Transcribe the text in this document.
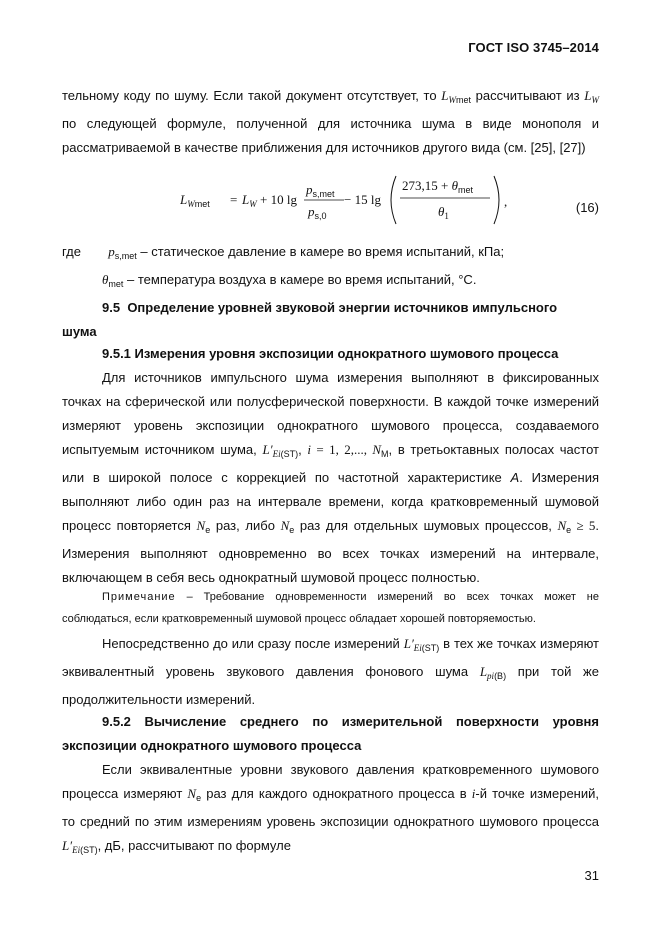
ГОСТ ISO 3745–2014

тельному коду по шуму. Если такой документ отсутствует, то $L_{Wmet}$ рассчитывают из $L_W$ по следующей формуле, полученной для источника шума в виде монополя и рассматриваемой в качестве приближения для источников другого вида (см. [25], [27])

$L_Wmet = L_W + 10$ lg
$p_{s,met}$
$p_{s,0}$
− 15 lg
$273,15 + \theta_{met}$
$\theta_1$
,	(16)
где $p_{s,met}$ – статическое давление в камере во время испытаний, кПа;
$\theta_{met}$ – температура воздуха в камере во время испытаний, °C.

9.5 Определение уровней звуковой энергии источников импульсного

шума

9.5.1 Измерения уровня экспозиции однократного шумового процесса

Для источников импульсного шума измерения выполняют в фиксированных точках на сферической или полусферической поверхности. В каждой точке измерений измеряют уровень экспозиции однократного шумового процесса, создаваемого испытуемым источником шума, $L'_{Ei(ST)}$, i = 1, 2,..., $N_M$, в третьоктавных полосах частот или в широкой полосе с коррекцией по частотной характеристике А. Измерения выполняют либо один раз на интервале времени, когда кратковременный шумовой процесс повторяется $N_e$ раз, либо $N_e$ раз для отдельных шумовых процессов, $N_e \ge 5$. Измерения выполняют одновременно во всех точках измерений на интервале, включающем в себя весь однократный шумовой процесс полностью.

Примечание – Требование одновременности измерений во всех точках может не соблюдаться, если кратковременный шумовой процесс обладает хорошей повторяемостью.

Непосредственно до или сразу после измерений $L'_{Ei(ST)}$ в тех же точках измеряют эквивалентный уровень звукового давления фонового шума $L_{pi(B)}$ при той же продолжительности измерений.

9.5.2 Вычисление среднего по измерительной поверхности уровня экспозиции однократного шумового процесса

Если эквивалентные уровни звукового давления кратковременного шумового процесса измеряют $N_e$ раз для каждого однократного процесса в i-й точке измерений, то средний по этим измерениям уровень экспозиции однократного шумового процесса $L'_{Ei(ST)}$, дБ, рассчитывают по формуле

31
